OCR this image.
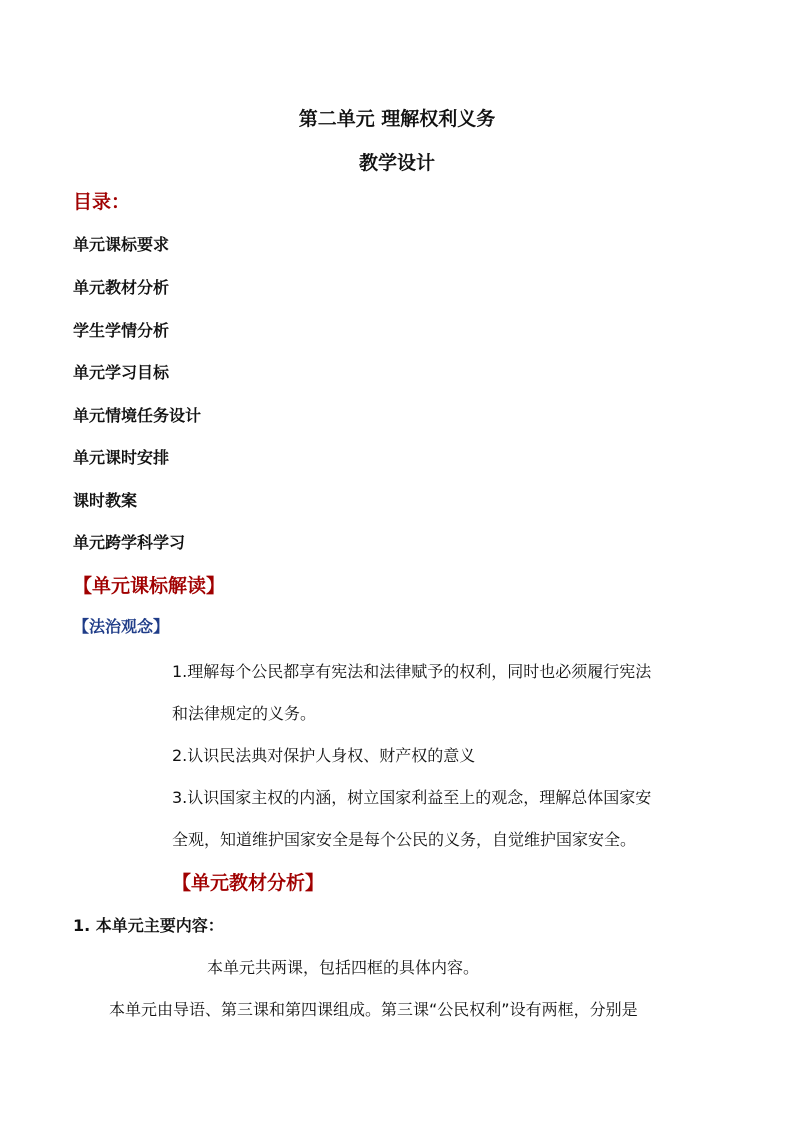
第二单元 理解权利义务
教学设计
目录：
单元课标要求
单元教材分析
学生学情分析
单元学习目标
单元情境任务设计
单元课时安排
课时教案
单元跨学科学习
【单元课标解读】
【法治观念】
1.理解每个公民都享有宪法和法律赋予的权利，同时也必须履行宪法
和法律规定的义务。
2.认识民法典对保护人身权、财产权的意义
3.认识国家主权的内涵，树立国家利益至上的观念，理解总体国家安
全观，知道维护国家安全是每个公民的义务，自觉维护国家安全。
【单元教材分析】
1. 本单元主要内容：
本单元共两课，包括四框的具体内容。
本单元由导语、第三课和第四课组成。第三课“公民权利”设有两框，分别是
